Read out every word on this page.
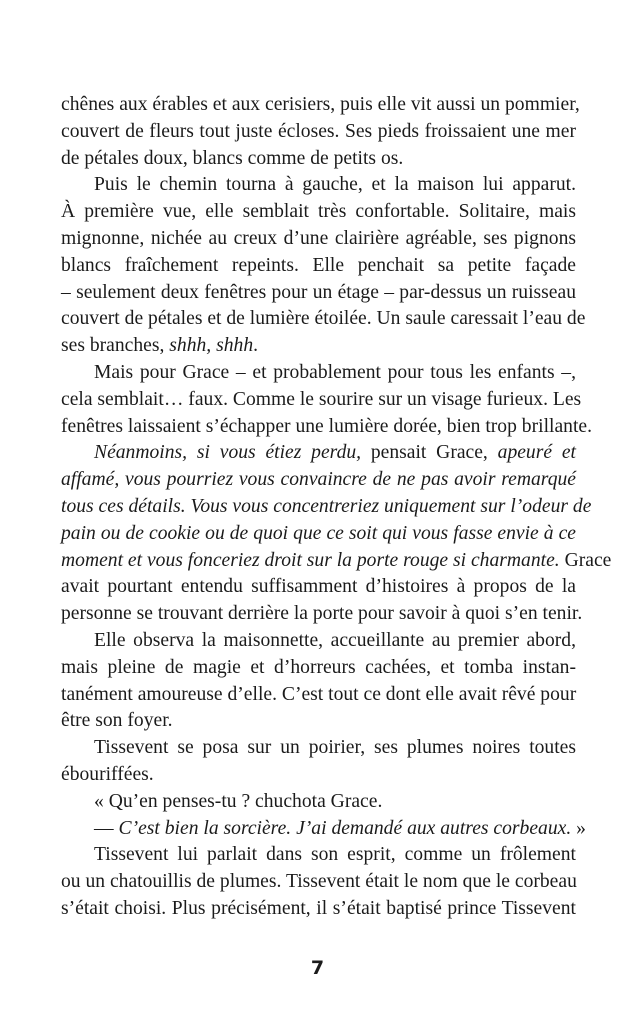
chênes aux érables et aux cerisiers, puis elle vit aussi un pommier,
couvert de fleurs tout juste écloses. Ses pieds froissaient une mer
de pétales doux, blancs comme de petits os.
Puis le chemin tourna à gauche, et la maison lui apparut.
À première vue, elle semblait très confortable. Solitaire, mais
mignonne, nichée au creux d’une clairière agréable, ses pignons
blancs fraîchement repeints. Elle penchait sa petite façade
– seulement deux fenêtres pour un étage – par-dessus un ruisseau
couvert de pétales et de lumière étoilée. Un saule caressait l’eau de
ses branches, shhh, shhh.
Mais pour Grace – et probablement pour tous les enfants –,
cela semblait… faux. Comme le sourire sur un visage furieux. Les
fenêtres laissaient s’échapper une lumière dorée, bien trop brillante.
Néanmoins, si vous étiez perdu, pensait Grace, apeuré et
affamé, vous pourriez vous convaincre de ne pas avoir remarqué
tous ces détails. Vous vous concentreriez uniquement sur l’odeur de
pain ou de cookie ou de quoi que ce soit qui vous fasse envie à ce
moment et vous fonceriez droit sur la porte rouge si charmante. Grace
avait pourtant entendu suffisamment d’histoires à propos de la
personne se trouvant derrière la porte pour savoir à quoi s’en tenir.
Elle observa la maisonnette, accueillante au premier abord,
mais pleine de magie et d’horreurs cachées, et tomba instan-
tanément amoureuse d’elle. C’est tout ce dont elle avait rêvé pour
être son foyer.
Tissevent se posa sur un poirier, ses plumes noires toutes
ébouriffées.
« Qu’en penses-tu ? chuchota Grace.
— C’est bien la sorcière. J’ai demandé aux autres corbeaux. »
Tissevent lui parlait dans son esprit, comme un frôlement
ou un chatouillis de plumes. Tissevent était le nom que le corbeau
s’était choisi. Plus précisément, il s’était baptisé prince Tissevent
7
